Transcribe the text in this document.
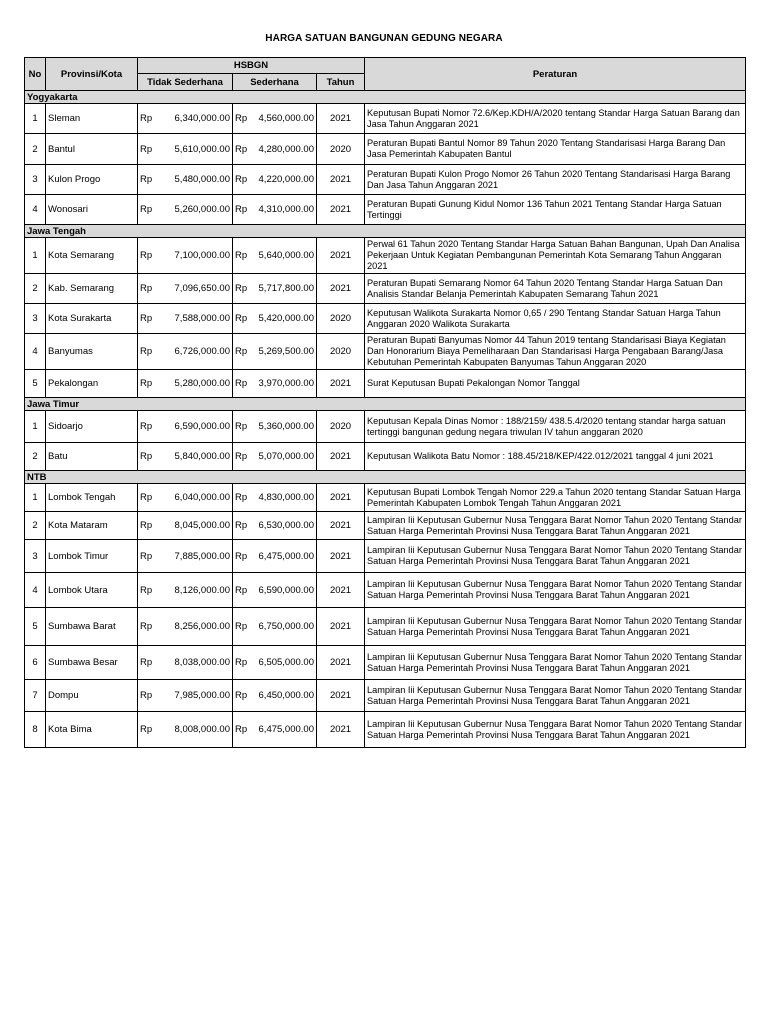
HARGA SATUAN BANGUNAN GEDUNG NEGARA
No	Provinsi/Kota	HSBGN					Peraturan
		Tidak Sederhana		Sederhana		Tahun	
Yogyakarta							
1	Sleman	Rp	6,340,000.00	Rp	4,560,000.00	2021	Keputusan Bupati Nomor 72.6/Kep.KDH/A/2020 tentang Standar Harga Satuan Barang dan Jasa Tahun Anggaran 2021
2	Bantul	Rp	5,610,000.00	Rp	4,280,000.00	2020	Peraturan Bupati Bantul Nomor 89 Tahun 2020 Tentang Standarisasi Harga Barang Dan Jasa Pemerintah Kabupaten Bantul
3	Kulon Progo	Rp	5,480,000.00	Rp	4,220,000.00	2021	Peraturan Bupati Kulon Progo Nomor 26 Tahun 2020 Tentang Standarisasi Harga Barang Dan Jasa Tahun Anggaran 2021
4	Wonosari	Rp	5,260,000.00	Rp	4,310,000.00	2021	Peraturan Bupati Gunung Kidul Nomor 136 Tahun 2021 Tentang Standar Harga Satuan Tertinggi
Jawa Tengah							
1	Kota Semarang	Rp	7,100,000.00	Rp	5,640,000.00	2021	Perwal 61 Tahun 2020 Tentang Standar Harga Satuan Bahan Bangunan, Upah Dan Analisa Pekerjaan Untuk Kegiatan Pembangunan Pemerintah Kota Semarang Tahun Anggaran 2021
2	Kab. Semarang	Rp	7,096,650.00	Rp	5,717,800.00	2021	Peraturan Bupati Semarang Nomor 64 Tahun 2020 Tentang Standar Harga Satuan Dan Analisis Standar Belanja Pemerintah Kabupaten Semarang Tahun 2021
3	Kota Surakarta	Rp	7,588,000.00	Rp	5,420,000.00	2020	Keputusan Walikota Surakarta Nomor 0,65 / 290 Tentang Standar Satuan Harga Tahun Anggaran 2020 Walikota Surakarta
4	Banyumas	Rp	6,726,000.00	Rp	5,269,500.00	2020	Peraturan Bupati Banyumas Nomor 44 Tahun 2019 tentang Standarisasi Biaya Kegiatan Dan Honorarium Biaya Pemeliharaan Dan Standarisasi Harga Pengabaan Barang/Jasa Kebutuhan Pemerintah Kabupaten Banyumas Tahun Anggaran 2020
5	Pekalongan	Rp	5,280,000.00	Rp	3,970,000.00	2021	Surat Keputusan Bupati Pekalongan Nomor Tanggal
Jawa Timur							
1	Sidoarjo	Rp	6,590,000.00	Rp	5,360,000.00	2020	Keputusan Kepala Dinas Nomor : 188/2159/ 438.5.4/2020 tentang standar harga satuan tertinggi bangunan gedung negara triwulan IV tahun anggaran 2020
2	Batu	Rp	5,840,000.00	Rp	5,070,000.00	2021	Keputusan Walikota Batu Nomor : 188.45/218/KEP/422.012/2021 tanggal 4 juni 2021
NTB							
1	Lombok Tengah	Rp	6,040,000.00	Rp	4,830,000.00	2021	Keputusan Bupati Lombok Tengah Nomor 229.a Tahun 2020 tentang Standar Satuan Harga Pemerintah Kabupaten Lombok Tengah Tahun Anggaran 2021
2	Kota Mataram	Rp	8,045,000.00	Rp	6,530,000.00	2021	Lampiran Iii Keputusan Gubernur Nusa Tenggara Barat Nomor Tahun 2020 Tentang Standar Satuan Harga Pemerintah Provinsi Nusa Tenggara Barat Tahun Anggaran 2021
3	Lombok Timur	Rp	7,885,000.00	Rp	6,475,000.00	2021	Lampiran Iii Keputusan Gubernur Nusa Tenggara Barat Nomor Tahun 2020 Tentang Standar Satuan Harga Pemerintah Provinsi Nusa Tenggara Barat Tahun Anggaran 2021
4	Lombok Utara	Rp	8,126,000.00	Rp	6,590,000.00	2021	Lampiran Iii Keputusan Gubernur Nusa Tenggara Barat Nomor Tahun 2020 Tentang Standar Satuan Harga Pemerintah Provinsi Nusa Tenggara Barat Tahun Anggaran 2021
5	Sumbawa Barat	Rp	8,256,000.00	Rp	6,750,000.00	2021	Lampiran Iii Keputusan Gubernur Nusa Tenggara Barat Nomor Tahun 2020 Tentang Standar Satuan Harga Pemerintah Provinsi Nusa Tenggara Barat Tahun Anggaran 2021
6	Sumbawa Besar	Rp	8,038,000.00	Rp	6,505,000.00	2021	Lampiran Iii Keputusan Gubernur Nusa Tenggara Barat Nomor Tahun 2020 Tentang Standar Satuan Harga Pemerintah Provinsi Nusa Tenggara Barat Tahun Anggaran 2021
7	Dompu	Rp	7,985,000.00	Rp	6,450,000.00	2021	Lampiran Iii Keputusan Gubernur Nusa Tenggara Barat Nomor Tahun 2020 Tentang Standar Satuan Harga Pemerintah Provinsi Nusa Tenggara Barat Tahun Anggaran 2021
8	Kota Bima	Rp	8,008,000.00	Rp	6,475,000.00	2021	Lampiran Iii Keputusan Gubernur Nusa Tenggara Barat Nomor Tahun 2020 Tentang Standar Satuan Harga Pemerintah Provinsi Nusa Tenggara Barat Tahun Anggaran 2021
